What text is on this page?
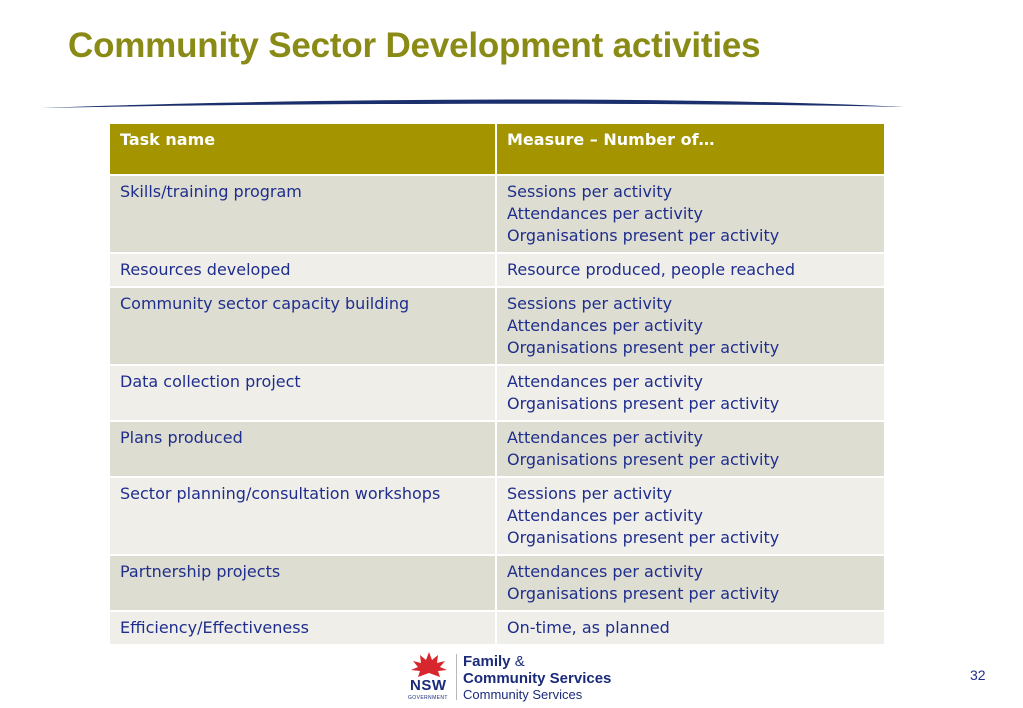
Community Sector Development activities
Task name	Measure – Number of…
Skills/training program	Sessions per activity
Attendances per activity
Organisations present per activity

Resources developed	Resource produced, people reached

Community sector capacity building	Sessions per activity
Attendances per activity
Organisations present per activity

Data collection project	Attendances per activity
Organisations present per activity

Plans produced	Attendances per activity
Organisations present per activity

Sector planning/consultation workshops	Sessions per activity
Attendances per activity
Organisations present per activity

Partnership projects	Attendances per activity
Organisations present per activity

Efficiency/Effectiveness	On-time, as planned
NSW
GOVERNMENT
Family &
Community Services
Community Services
32
